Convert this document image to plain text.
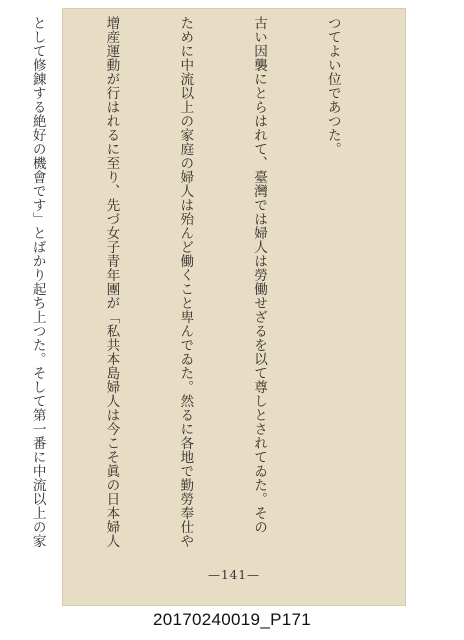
つてよい位であつた。

古い因襲にとらはれて、臺灣では婦人は勞働せざるを以て尊しとされてゐた。その

ために中流以上の家庭の婦人は殆んど働くこと卑んでゐた。然るに各地で勤勞奉仕や

增産運動が行はれるに至り、先づ女子青年團が「私共本島婦人は今こそ眞の日本婦人

として修錬する絶好の機會です」とばかり起ち上つた。そして第一番に中流以上の家

—141—
20170240019_P171
